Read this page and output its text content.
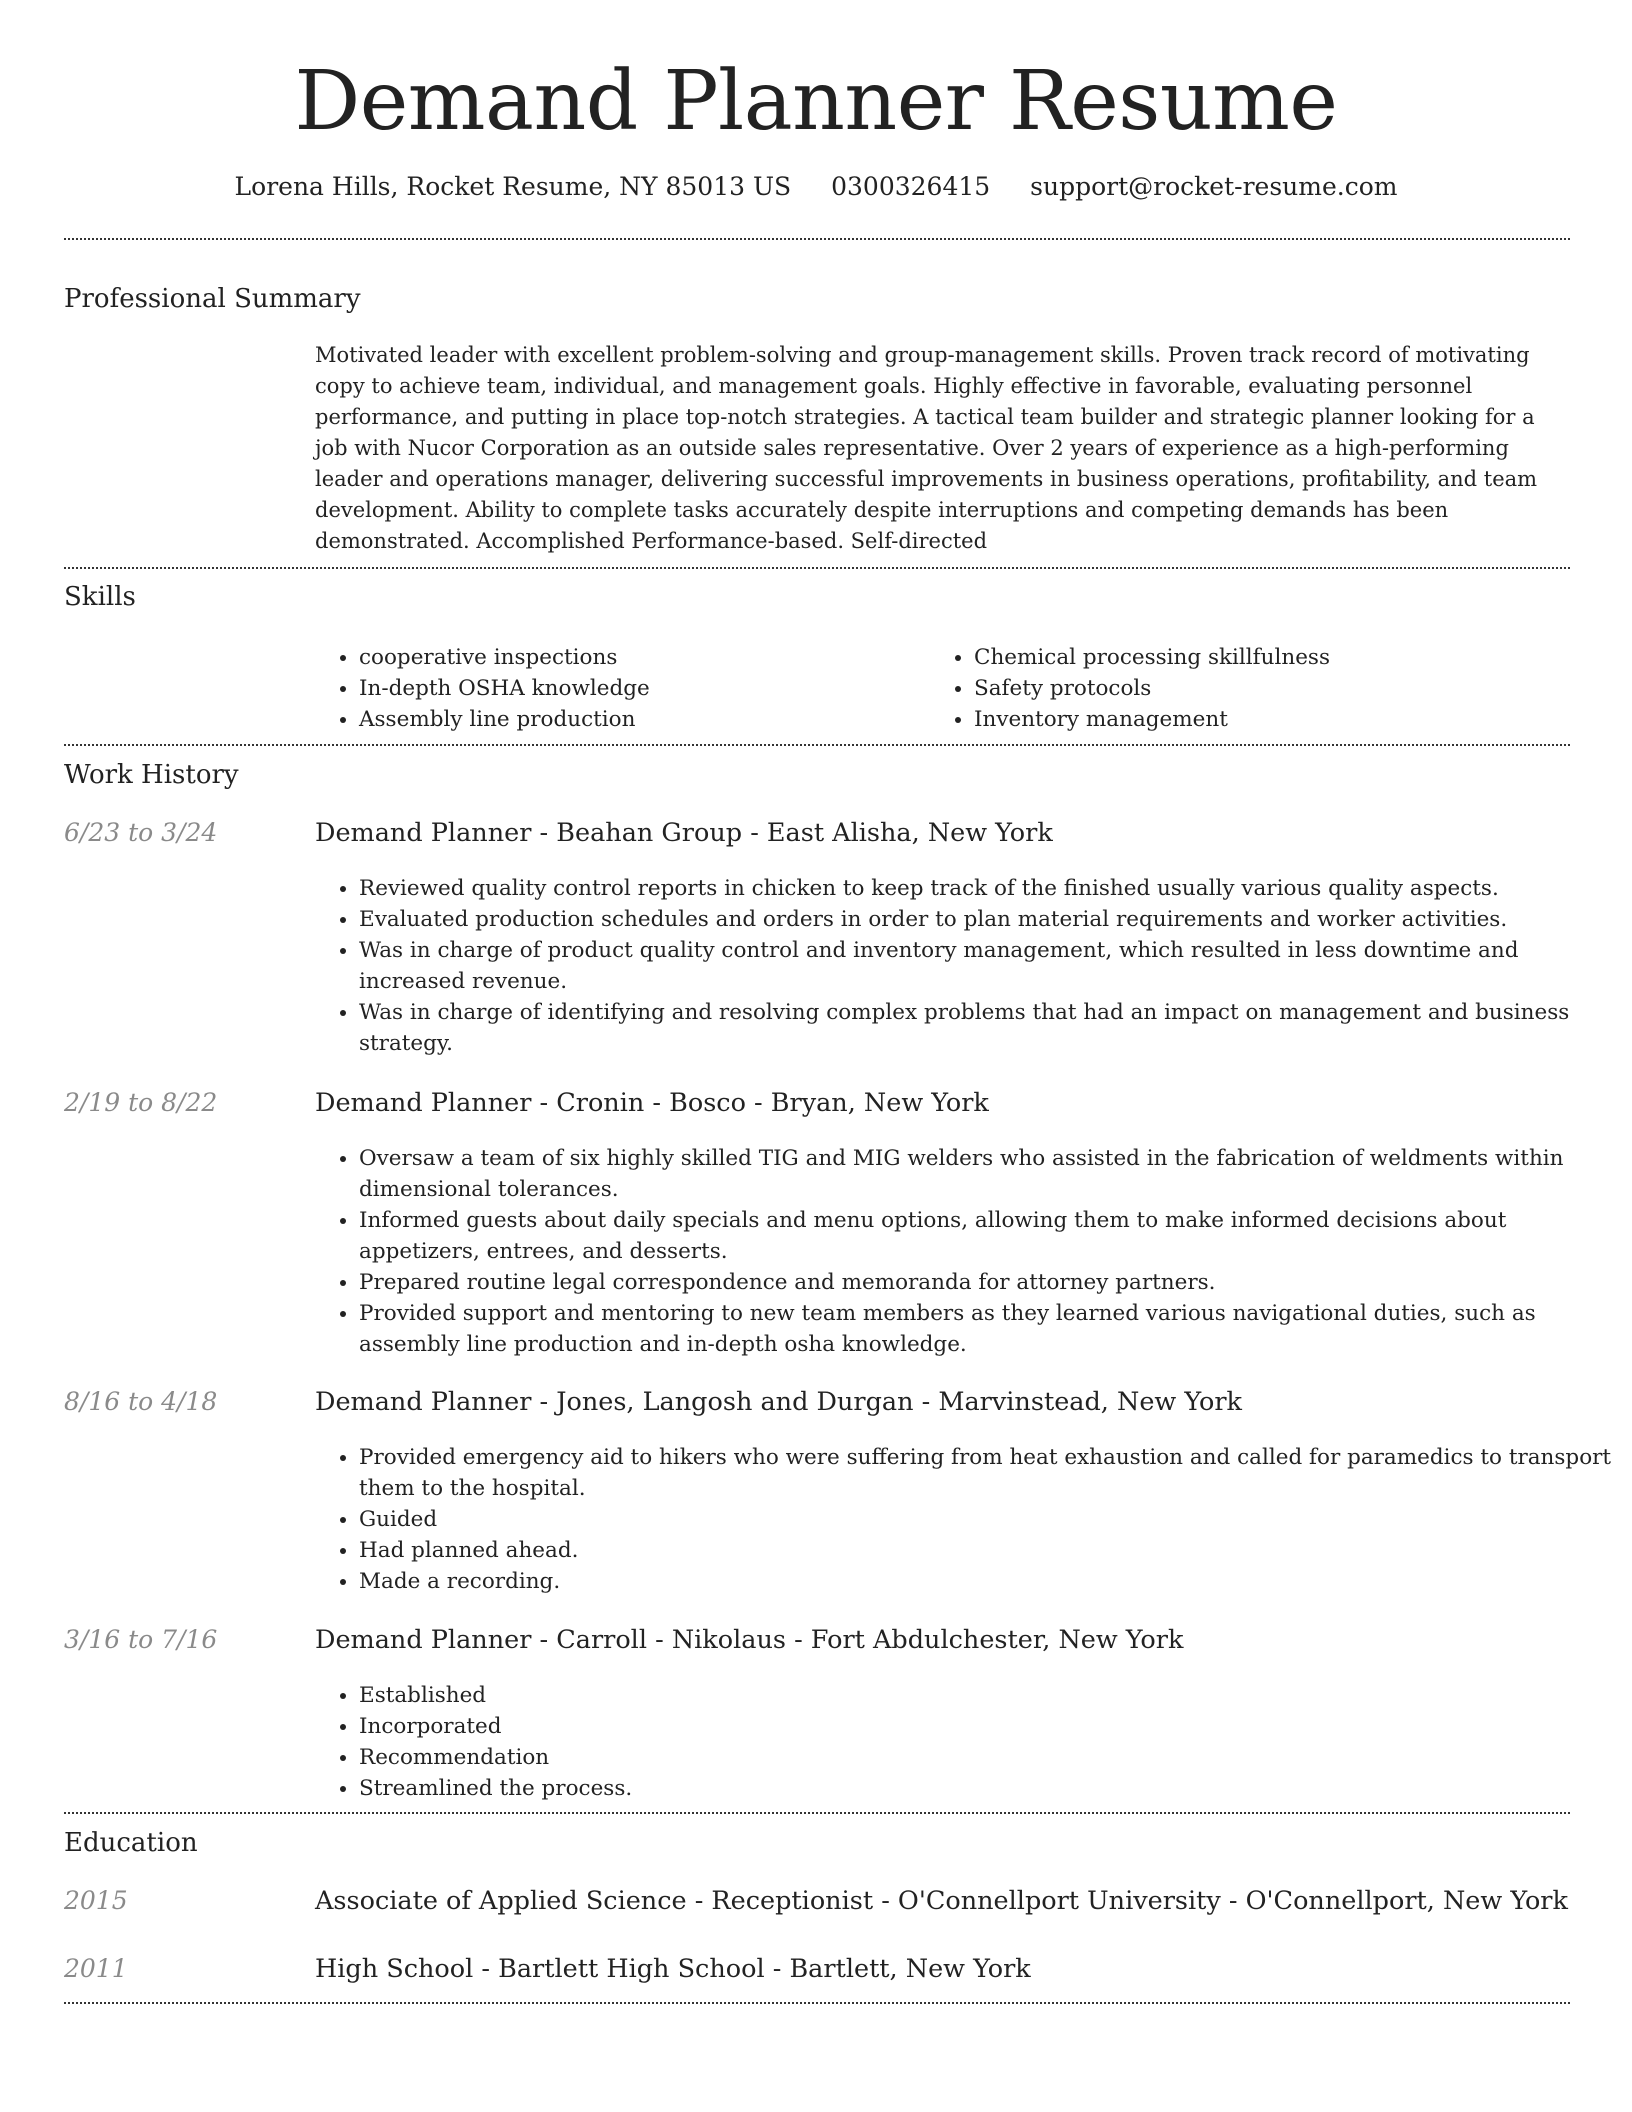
Demand Planner Resume
Lorena Hills, Rocket Resume, NY 85013 US 0300326415 support@rocket-resume.com
Professional Summary

Motivated leader with excellent problem-solving and group-management skills. Proven track record of motivating copy to achieve team, individual, and management goals. Highly effective in favorable, evaluating personnel performance, and putting in place top-notch strategies. A tactical team builder and strategic planner looking for a job with Nucor Corporation as an outside sales representative. Over 2 years of experience as a high-performing leader and operations manager, delivering successful improvements in business operations, profitability, and team development. Ability to complete tasks accurately despite interruptions and competing demands has been demonstrated. Accomplished Performance-based. Self-directed

Skills
• cooperative inspections
• In-depth OSHA knowledge
• Assembly line production
• Chemical processing skillfulness
• Safety protocols
• Inventory management
Work History
6/23 to 3/24	Demand Planner - Beahan Group - East Alisha, New York
• Reviewed quality control reports in chicken to keep track of the finished usually various quality aspects.
• Evaluated production schedules and orders in order to plan material requirements and worker activities.
• Was in charge of product quality control and inventory management, which resulted in less downtime and increased revenue.
• Was in charge of identifying and resolving complex problems that had an impact on management and business strategy.
2/19 to 8/22	Demand Planner - Cronin - Bosco - Bryan, New York
• Oversaw a team of six highly skilled TIG and MIG welders who assisted in the fabrication of weldments within dimensional tolerances.
• Informed guests about daily specials and menu options, allowing them to make informed decisions about appetizers, entrees, and desserts.
• Prepared routine legal correspondence and memoranda for attorney partners.
• Provided support and mentoring to new team members as they learned various navigational duties, such as assembly line production and in-depth osha knowledge.
8/16 to 4/18	Demand Planner - Jones, Langosh and Durgan - Marvinstead, New York
• Provided emergency aid to hikers who were suffering from heat exhaustion and called for paramedics to transport them to the hospital.
• Guided
• Had planned ahead.
• Made a recording.
3/16 to 7/16	Demand Planner - Carroll - Nikolaus - Fort Abdulchester, New York
• Established
• Incorporated
• Recommendation
• Streamlined the process.
Education
2015	Associate of Applied Science - Receptionist - O'Connellport University - O'Connellport, New York
2011	High School - Bartlett High School - Bartlett, New York
